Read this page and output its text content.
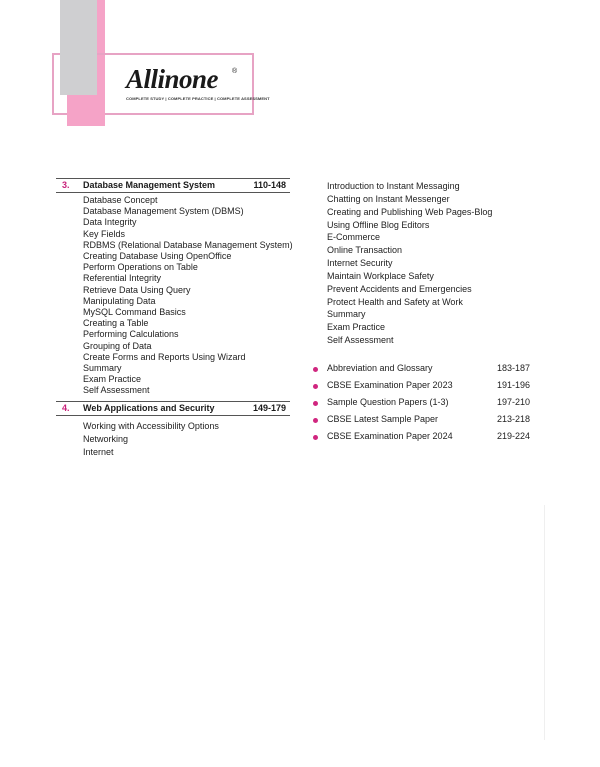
Allinone ®
COMPLETE STUDY | COMPLETE PRACTICE | COMPLETE ASSESSMENT
3. Database Management System	110-148
Database Concept
Database Management System (DBMS)
Data Integrity
Key Fields
RDBMS (Relational Database Management System)
Creating Database Using OpenOffice
Perform Operations on Table
Referential Integrity
Retrieve Data Using Query
Manipulating Data
MySQL Command Basics
Creating a Table
Performing Calculations
Grouping of Data
Create Forms and Reports Using Wizard
Summary
Exam Practice
Self Assessment
4. Web Applications and Security	149-179
Working with Accessibility Options
Networking
Internet
Introduction to Instant Messaging
Chatting on Instant Messenger
Creating and Publishing Web Pages-Blog
Using Offline Blog Editors
E-Commerce
Online Transaction
Internet Security
Maintain Workplace Safety
Prevent Accidents and Emergencies
Protect Health and Safety at Work
Summary
Exam Practice
Self Assessment
Abbreviation and Glossary	183-187
CBSE Examination Paper 2023	191-196
Sample Question Papers (1-3)	197-210
CBSE Latest Sample Paper	213-218
CBSE Examination Paper 2024	219-224
